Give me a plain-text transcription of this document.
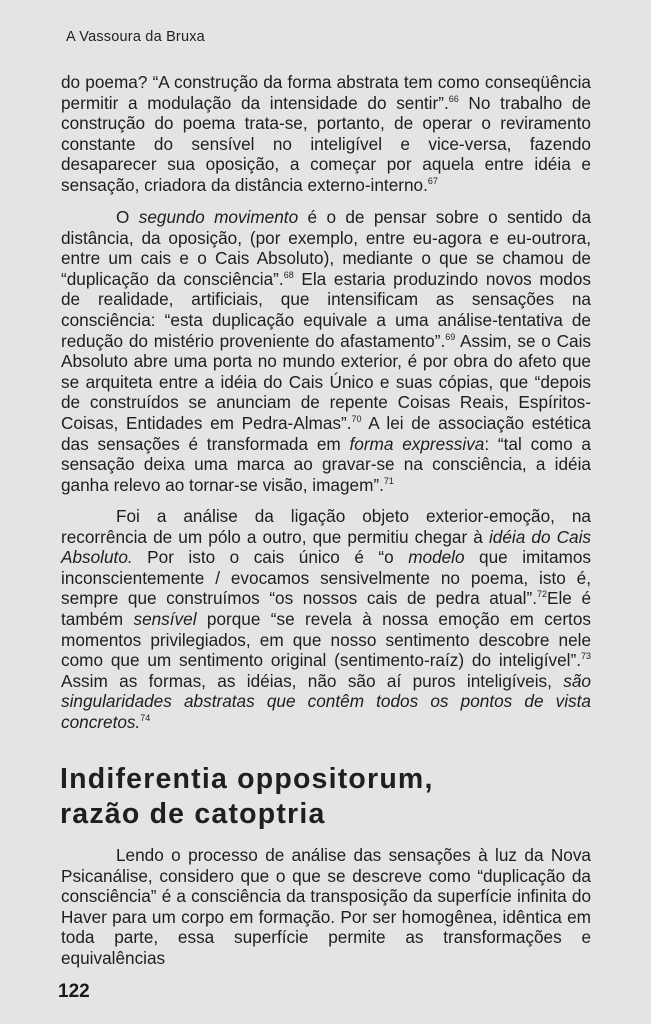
A Vassoura da Bruxa

do poema? “A construção da forma abstrata tem como conseqüência permitir a modulação da intensidade do sentir”.$^{66}$ No trabalho de construção do poema trata-se, portanto, de operar o reviramento constante do sensível no inteligível e vice-versa, fazendo desaparecer sua oposição, a começar por aquela entre idéia e sensação, criadora da distância externo-interno.$^{67}$

O segundo movimento é o de pensar sobre o sentido da distância, da oposição, (por exemplo, entre eu-agora e eu-outrora, entre um cais e o Cais Absoluto), mediante o que se chamou de “duplicação da consciência”.$^{68}$ Ela estaria produzindo novos modos de realidade, artificiais, que intensificam as sensações na consciência: “esta duplicação equivale a uma análise-tentativa de redução do mistério proveniente do afastamento”.$^{69}$ Assim, se o Cais Absoluto abre uma porta no mundo exterior, é por obra do afeto que se arquiteta entre a idéia do Cais Único e suas cópias, que “depois de construídos se anunciam de repente Coisas Reais, Espíritos-Coisas, Entidades em Pedra-Almas”.$^{70}$ A lei de associação estética das sensações é transformada em forma expressiva: “tal como a sensação deixa uma marca ao gravar-se na consciência, a idéia ganha relevo ao tornar-se visão, imagem”.$^{71}$

Foi a análise da ligação objeto exterior-emoção, na recorrência de um pólo a outro, que permitiu chegar à idéia do Cais Absoluto. Por isto o cais único é “o modelo que imitamos inconscientemente / evocamos sensivelmente no poema, isto é, sempre que construímos “os nossos cais de pedra atual”.$^{72}$Ele é também sensível porque “se revela à nossa emoção em certos momentos privilegiados, em que nosso sentimento descobre nele como que um sentimento original (sentimento-raíz) do inteligível”.$^{73}$ Assim as formas, as idéias, não são aí puros inteligíveis, são singularidades abstratas que contêm todos os pontos de vista concretos.$^{74}$

Indiferentia oppositorum,
razão de catoptria

Lendo o processo de análise das sensações à luz da Nova Psicanálise, considero que o que se descreve como “duplicação da consciência” é a consciência da transposição da superfície infinita do Haver para um corpo em formação. Por ser homogênea, idêntica em toda parte, essa superfície permite as transformações e equivalências

122
